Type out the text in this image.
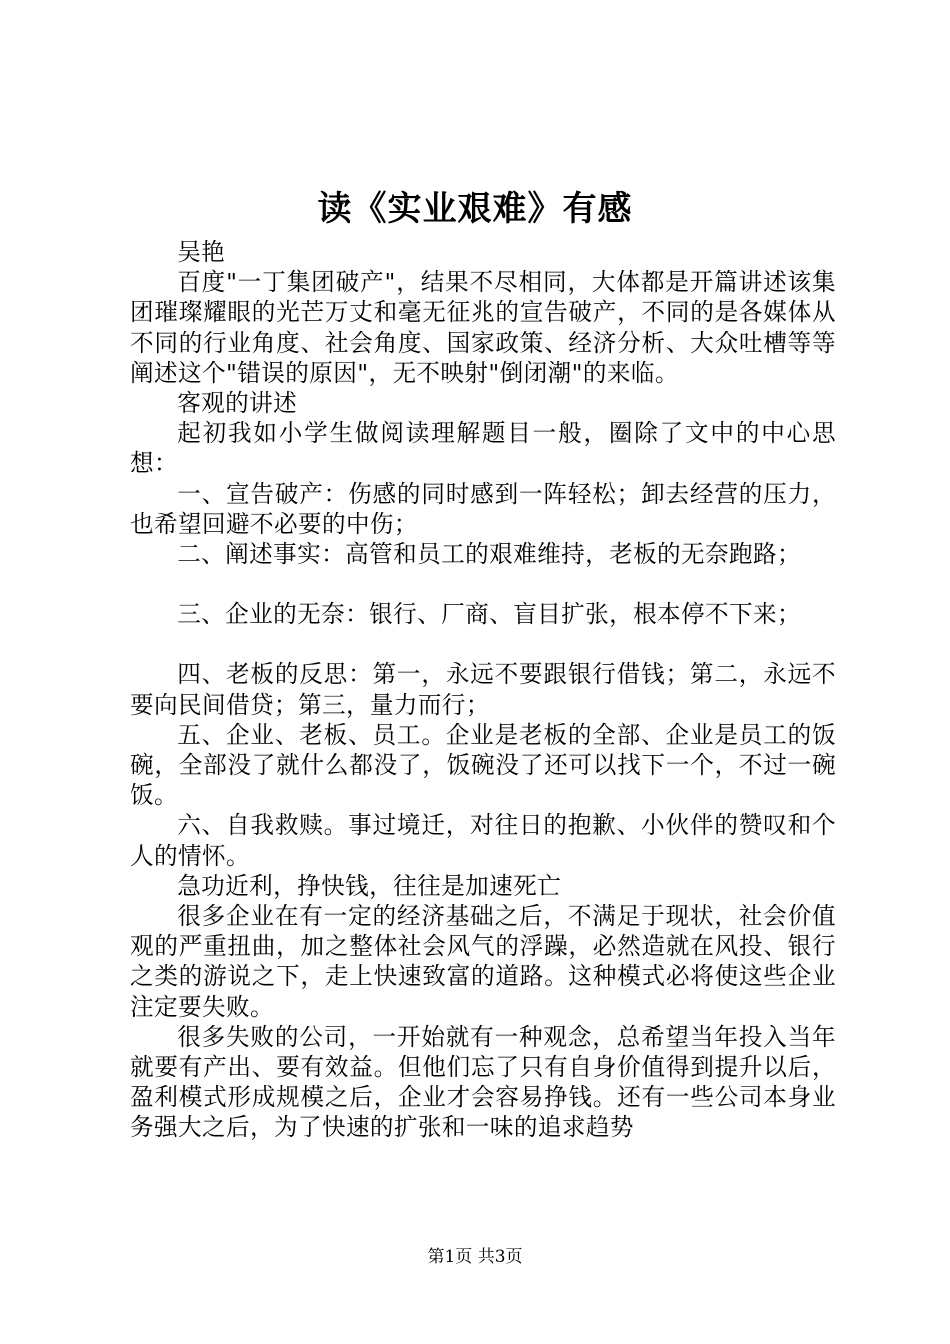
读《实业艰难》有感

吴艳

百度"一丁集团破产"，结果不尽相同，大体都是开篇讲述该集团璀璨耀眼的光芒万丈和毫无征兆的宣告破产，不同的是各媒体从不同的行业角度、社会角度、国家政策、经济分析、大众吐槽等等阐述这个"错误的原因"，无不映射"倒闭潮"的来临。

客观的讲述

起初我如小学生做阅读理解题目一般，圈除了文中的中心思想：

一、宣告破产：伤感的同时感到一阵轻松；卸去经营的压力，也希望回避不必要的中伤；

二、阐述事实：高管和员工的艰难维持，老板的无奈跑路；

三、企业的无奈：银行、厂商、盲目扩张，根本停不下来；

四、老板的反思：第一，永远不要跟银行借钱；第二，永远不要向民间借贷；第三，量力而行；

五、企业、老板、员工。企业是老板的全部、企业是员工的饭碗，全部没了就什么都没了，饭碗没了还可以找下一个，不过一碗饭。

六、自我救赎。事过境迁，对往日的抱歉、小伙伴的赞叹和个人的情怀。

急功近利，挣快钱，往往是加速死亡

很多企业在有一定的经济基础之后，不满足于现状，社会价值观的严重扭曲，加之整体社会风气的浮躁，必然造就在风投、银行之类的游说之下，走上快速致富的道路。这种模式必将使这些企业注定要失败。

很多失败的公司，一开始就有一种观念，总希望当年投入当年就要有产出、要有效益。但他们忘了只有自身价值得到提升以后，盈利模式形成规模之后，企业才会容易挣钱。还有一些公司本身业务强大之后，为了快速的扩张和一味的追求趋势

第1页 共3页
